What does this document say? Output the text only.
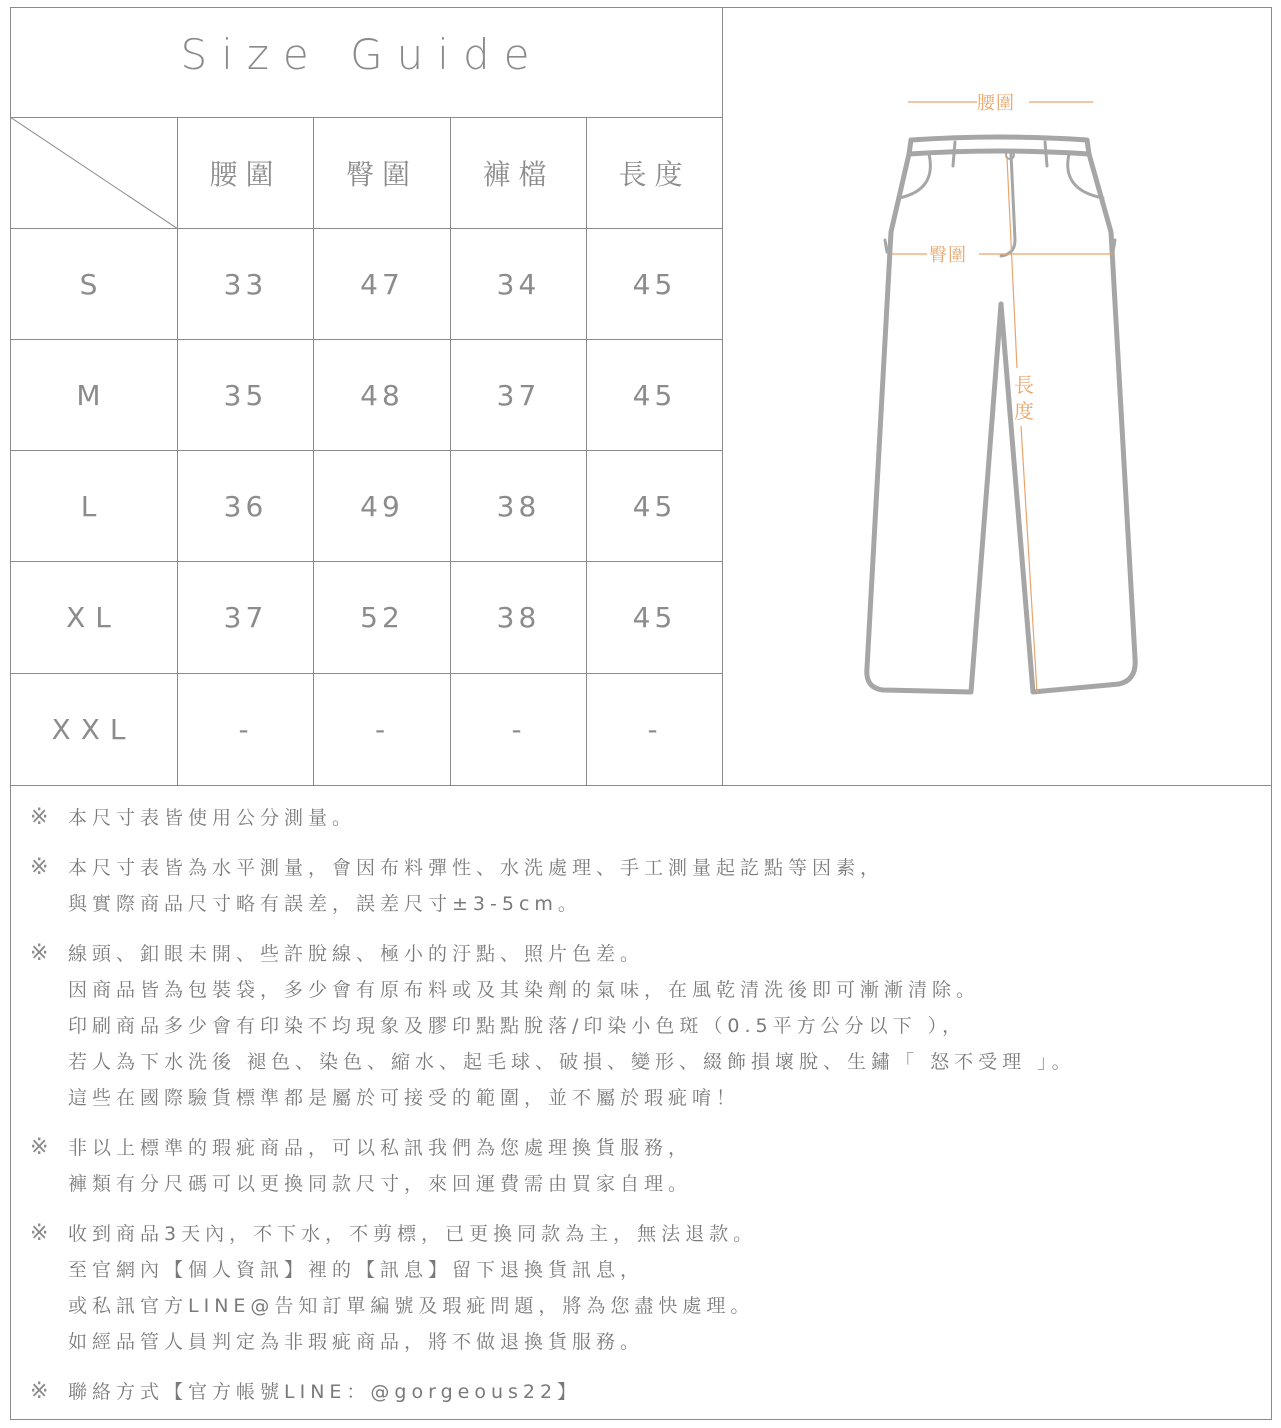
Size Guide
腰圍	臀圍	褲檔	長度
S	33	47	34	45
M	35	48	37	45
L	36	49	38	45
XL	37	52	38	45
XXL	-	-	-	-
腰圍
臀圍
長
度
※ 本尺寸表皆使用公分測量。
※ 本尺寸表皆為水平測量，會因布料彈性、水洗處理、手工測量起訖點等因素，
與實際商品尺寸略有誤差，誤差尺寸±3-5cm。
※ 線頭、釦眼未開、些許脫線、極小的汙點、照片色差。
因商品皆為包裝袋，多少會有原布料或及其染劑的氣味，在風乾清洗後即可漸漸清除。
印刷商品多少會有印染不均現象及膠印點點脫落/印染小色斑（0.5平方公分以下 ），
若人為下水洗後 褪色、染色、縮水、起毛球、破損、變形、綴飾損壞脫、生鏽「 怒不受理 」。
這些在國際驗貨標準都是屬於可接受的範圍，並不屬於瑕疵唷！
※ 非以上標準的瑕疵商品，可以私訊我們為您處理換貨服務，
褲類有分尺碼可以更換同款尺寸，來回運費需由買家自理。
※ 收到商品3天內，不下水，不剪標，已更換同款為主，無法退款。
至官網內【個人資訊】裡的【訊息】留下退換貨訊息，
或私訊官方LINE@告知訂單編號及瑕疵問題，將為您盡快處理。
如經品管人員判定為非瑕疵商品，將不做退換貨服務。
※ 聯絡方式【官方帳號LINE：@gorgeous22】
